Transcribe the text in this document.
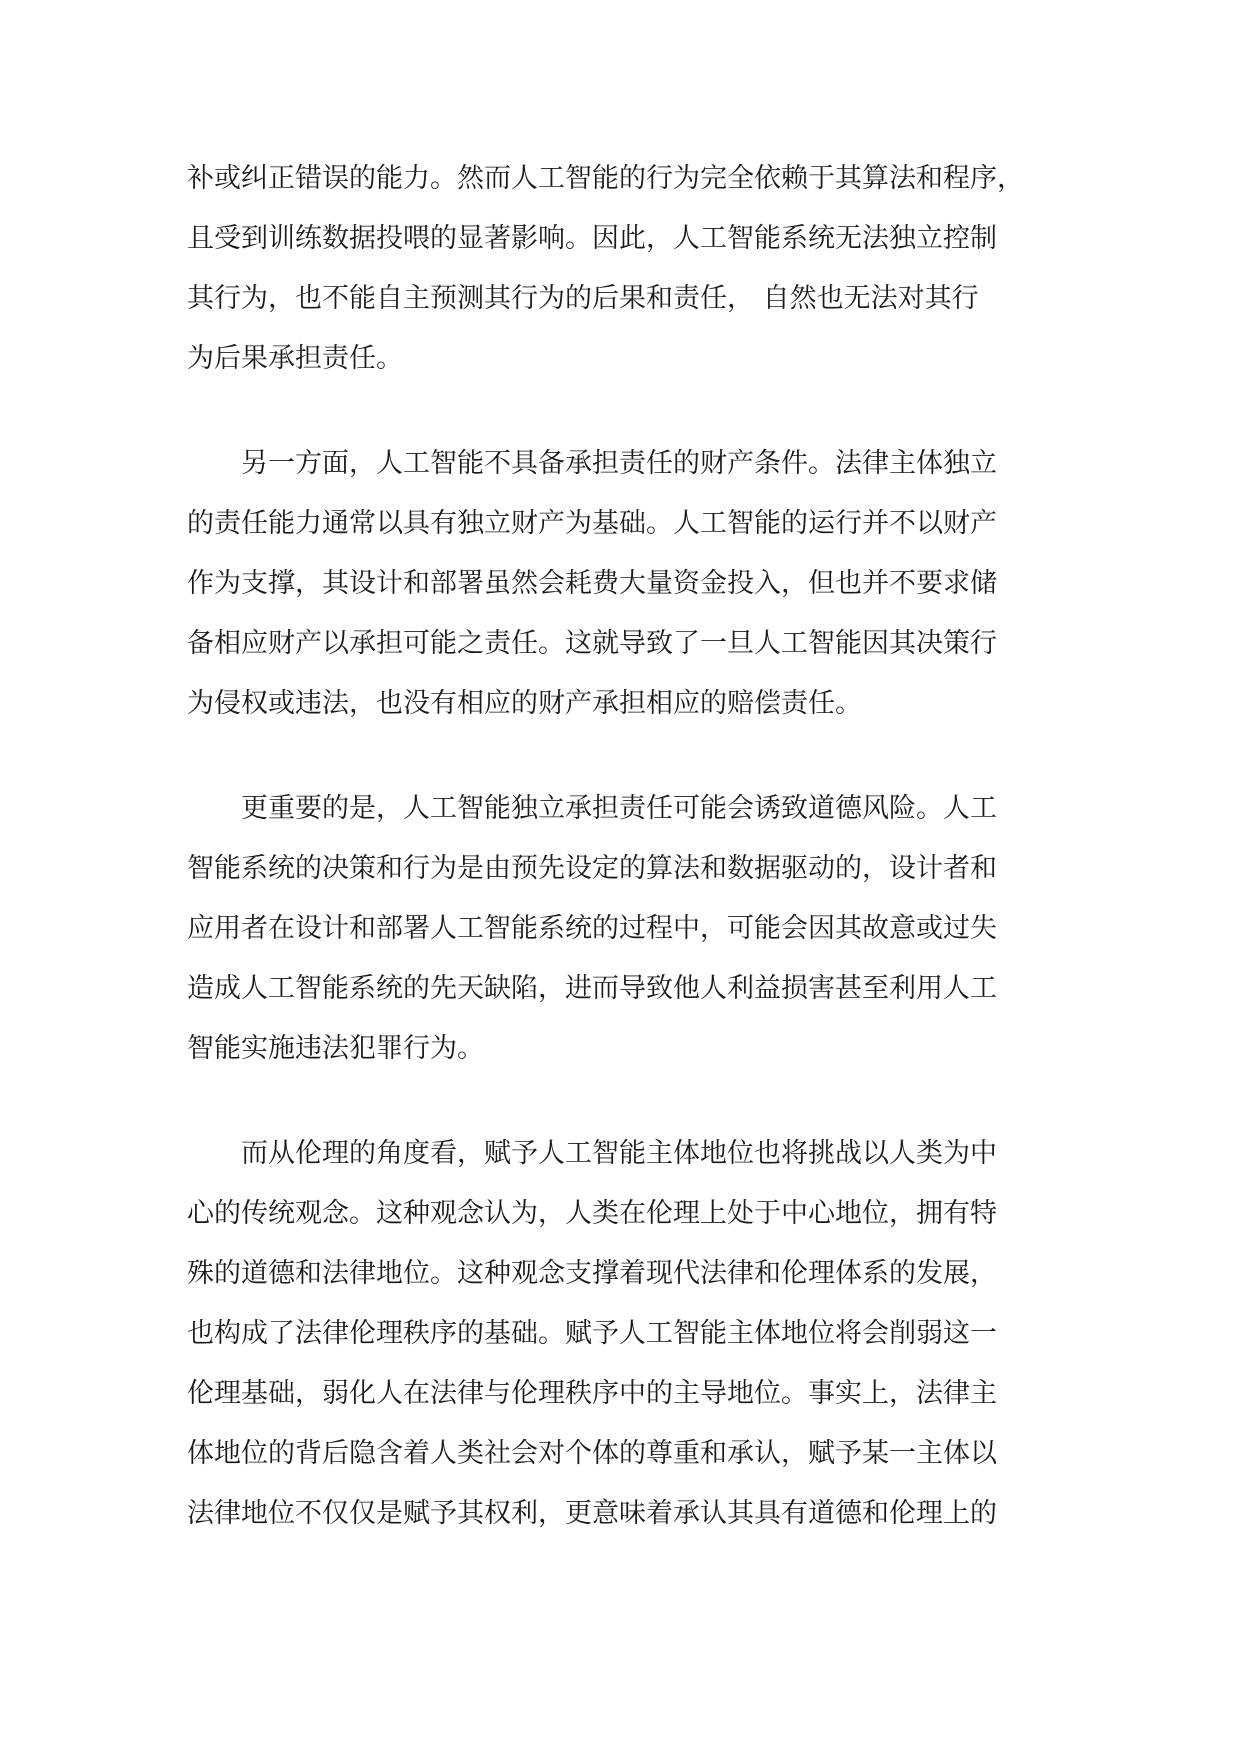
补或纠正错误的能力。然而人工智能的行为完全依赖于其算法和程序，
且受到训练数据投喂的显著影响。因此，人工智能系统无法独立控制
其行为，也不能自主预测其行为的后果和责任， 自然也无法对其行
为后果承担责任。
另一方面，人工智能不具备承担责任的财产条件。法律主体独立
的责任能力通常以具有独立财产为基础。人工智能的运行并不以财产
作为支撑，其设计和部署虽然会耗费大量资金投入，但也并不要求储
备相应财产以承担可能之责任。这就导致了一旦人工智能因其决策行
为侵权或违法，也没有相应的财产承担相应的赔偿责任。
更重要的是，人工智能独立承担责任可能会诱致道德风险。人工
智能系统的决策和行为是由预先设定的算法和数据驱动的，设计者和
应用者在设计和部署人工智能系统的过程中，可能会因其故意或过失
造成人工智能系统的先天缺陷，进而导致他人利益损害甚至利用人工
智能实施违法犯罪行为。
而从伦理的角度看，赋予人工智能主体地位也将挑战以人类为中
心的传统观念。这种观念认为，人类在伦理上处于中心地位，拥有特
殊的道德和法律地位。这种观念支撑着现代法律和伦理体系的发展，
也构成了法律伦理秩序的基础。赋予人工智能主体地位将会削弱这一
伦理基础，弱化人在法律与伦理秩序中的主导地位。事实上，法律主
体地位的背后隐含着人类社会对个体的尊重和承认，赋予某一主体以
法律地位不仅仅是赋予其权利，更意味着承认其具有道德和伦理上的
